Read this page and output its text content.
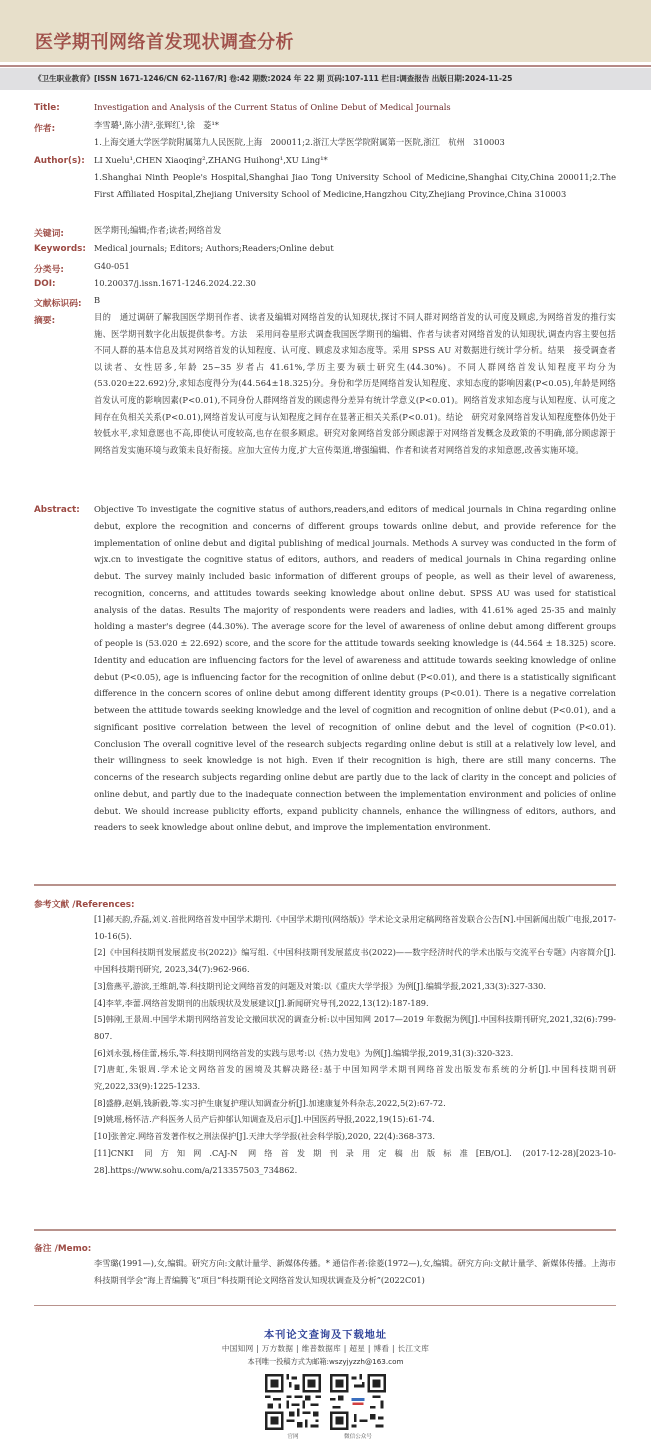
医学期刊网络首发现状调查分析
《卫生职业教育》[ISSN 1671-1246/CN 62-1167/R] 卷:42 期数:2024 年 22 期 页码:107-111 栏目:调查报告 出版日期:2024-11-25
Title:	Investigation and Analysis of the Current Status of Online Debut of Medical Journals
作者:	李雪璐¹,陈小清²,张辉红¹,徐　菱¹*
1.上海交通大学医学院附属第九人民医院,上海　200011;2.浙江大学医学院附属第一医院,浙江　杭州　310003
Author(s): LI Xuelu¹,CHEN Xiaoqing²,ZHANG Huihong¹,XU Ling¹*
1.Shanghai Ninth People's Hospital,Shanghai Jiao Tong University School of Medicine,Shanghai City,China 200011;2.The First Affiliated Hospital,Zhejiang University School of Medicine,Hangzhou City,Zhejiang Province,China 310003
关键词:	医学期刊;编辑;作者;读者;网络首发
Keywords: Medical journals; Editors; Authors;Readers;Online debut
分类号:	G40-051
DOI:	10.20037/j.issn.1671-1246.2024.22.30
文献标识码: B
摘要:	目的　通过调研了解我国医学期刊作者、读者及编辑对网络首发的认知现状,探讨不同人群对网络首发的认可度及顾虑,为网络首发的推行实施、医学期刊数字化出版提供参考。方法　采用问卷星形式调查我国医学期刊的编辑、作者与读者对网络首发的认知现状,调查内容主要包括不同人群的基本信息及其对网络首发的认知程度、认可度、顾虑及求知态度等。采用 SPSS AU 对数据进行统计学分析。结果　接受调查者以读者、女性居多,年龄 25~35 岁者占 41.61%,学历主要为硕士研究生(44.30%)。不同人群网络首发认知程度平均分为(53.020±22.692)分,求知态度得分为(44.564±18.325)分。身份和学历是网络首发认知程度、求知态度的影响因素(P<0.05),年龄是网络首发认可度的影响因素(P<0.01),不同身份人群网络首发的顾虑得分差异有统计学意义(P<0.01)。网络首发求知态度与认知程度、认可度之间存在负相关关系(P<0.01),网络首发认可度与认知程度之间存在显著正相关关系(P<0.01)。结论　研究对象网络首发认知程度整体仍处于较低水平,求知意愿也不高,即使认可度较高,也存在很多顾虑。研究对象网络首发部分顾虑源于对网络首发概念及政策的不明确,部分顾虑源于网络首发实施环境与政策未良好衔接。应加大宣传力度,扩大宣传渠道,增强编辑、作者和读者对网络首发的求知意愿,改善实施环境。
Abstract: Objective To investigate the cognitive status of authors,readers,and editors of medical journals in China regarding online debut, explore the recognition and concerns of different groups towards online debut, and provide reference for the implementation of online debut and digital publishing of medical journals. Methods A survey was conducted in the form of wjx.cn to investigate the cognitive status of editors, authors, and readers of medical journals in China regarding online debut. The survey mainly included basic information of different groups of people, as well as their level of awareness, recognition, concerns, and attitudes towards seeking knowledge about online debut. SPSS AU was used for statistical analysis of the datas. Results The majority of respondents were readers and ladies, with 41.61% aged 25-35 and mainly holding a master's degree (44.30%). The average score for the level of awareness of online debut among different groups of people is (53.020 ± 22.692) score, and the score for the attitude towards seeking knowledge is (44.564 ± 18.325) score. Identity and education are influencing factors for the level of awareness and attitude towards seeking knowledge of online debut (P<0.05), age is influencing factor for the recognition of online debut (P<0.01), and there is a statistically significant difference in the concern scores of online debut among different identity groups (P<0.01). There is a negative correlation between the attitude towards seeking knowledge and the level of cognition and recognition of online debut (P<0.01), and a significant positive correlation between the level of recognition of online debut and the level of cognition (P<0.01). Conclusion The overall cognitive level of the research subjects regarding online debut is still at a relatively low level, and their willingness to seek knowledge is not high. Even if their recognition is high, there are still many concerns. The concerns of the research subjects regarding online debut are partly due to the lack of clarity in the concept and policies of online debut, and partly due to the inadequate connection between the implementation environment and policies of online debut. We should increase publicity efforts, expand publicity channels, enhance the willingness of editors, authors, and readers to seek knowledge about online debut, and improve the implementation environment.
参考文献 /References:
[1]郝天韵,乔磊,刘义.首批网络首发中国学术期刊.《中国学术期刊(网络版)》学术论文录用定稿网络首发联合公告[N].中国新闻出版广电报,2017-10-16(5).
[2]《中国科技期刊发展蓝皮书(2022)》编写组.《中国科技期刊发展蓝皮书(2022)——数字经济时代的学术出版与交流平台专题》内容简介[J].中国科技期刊研究, 2023,34(7):962-966.
[3]詹燕平,游滨,王维朗,等.科技期刊论文网络首发的问题及对策:以《重庆大学学报》为例[J].编辑学报,2021,33(3):327-330.
[4]李苹,李蕾.网络首发期刊的出版现状及发展建议[J].新闻研究导刊,2022,13(12):187-189.
[5]韩刚,王景周.中国学术期刊网络首发论文撤回状况的调查分析:以中国知网 2017—2019 年数据为例[J].中国科技期刊研究,2021,32(6):799-807.
[6]刘永强,杨佳蕾,杨乐,等.科技期刊网络首发的实践与思考:以《热力发电》为例[J].编辑学报,2019,31(3):320-323.
[7]唐虹,朱银周.学术论文网络首发的困境及其解决路径:基于中国知网学术期刊网络首发出版发布系统的分析[J].中国科技期刊研究,2022,33(9):1225-1233.
[8]盛静,赵娟,钱新毅,等.实习护生康复护理认知调查分析[J].加速康复外科杂志,2022,5(2):67-72.
[9]姚瑶,杨怀洁.产科医务人员产后抑郁认知调查及启示[J].中国医药导报,2022,19(15):61-74.
[10]张普定.网络首发著作权之刑法保护[J].天津大学学报(社会科学版),2020, 22(4):368-373.
[11]CNKI 同方知网.CAJ-N 网络首发期刊录用定稿出版标准[EB/OL]. (2017-12-28)[2023-10-28].https://www.sohu.com/a/213357503_734862.
备注 /Memo:
李雪璐(1991—),女,编辑。研究方向:文献计量学、新媒体传播。* 通信作者:徐菱(1972—),女,编辑。研究方向:文献计量学、新媒体传播。上海市科技期刊学会“海上青编腾飞”项目“科技期刊论文网络首发认知现状调查及分析”(2022C01)
本刊论文查询及下载地址
中国知网 | 万方数据 | 维普数据库 | 超星 | 博看 | 长江文库
本刊唯一投稿方式为邮箱:wszyjyzzh@163.com
官网	微信公众号
